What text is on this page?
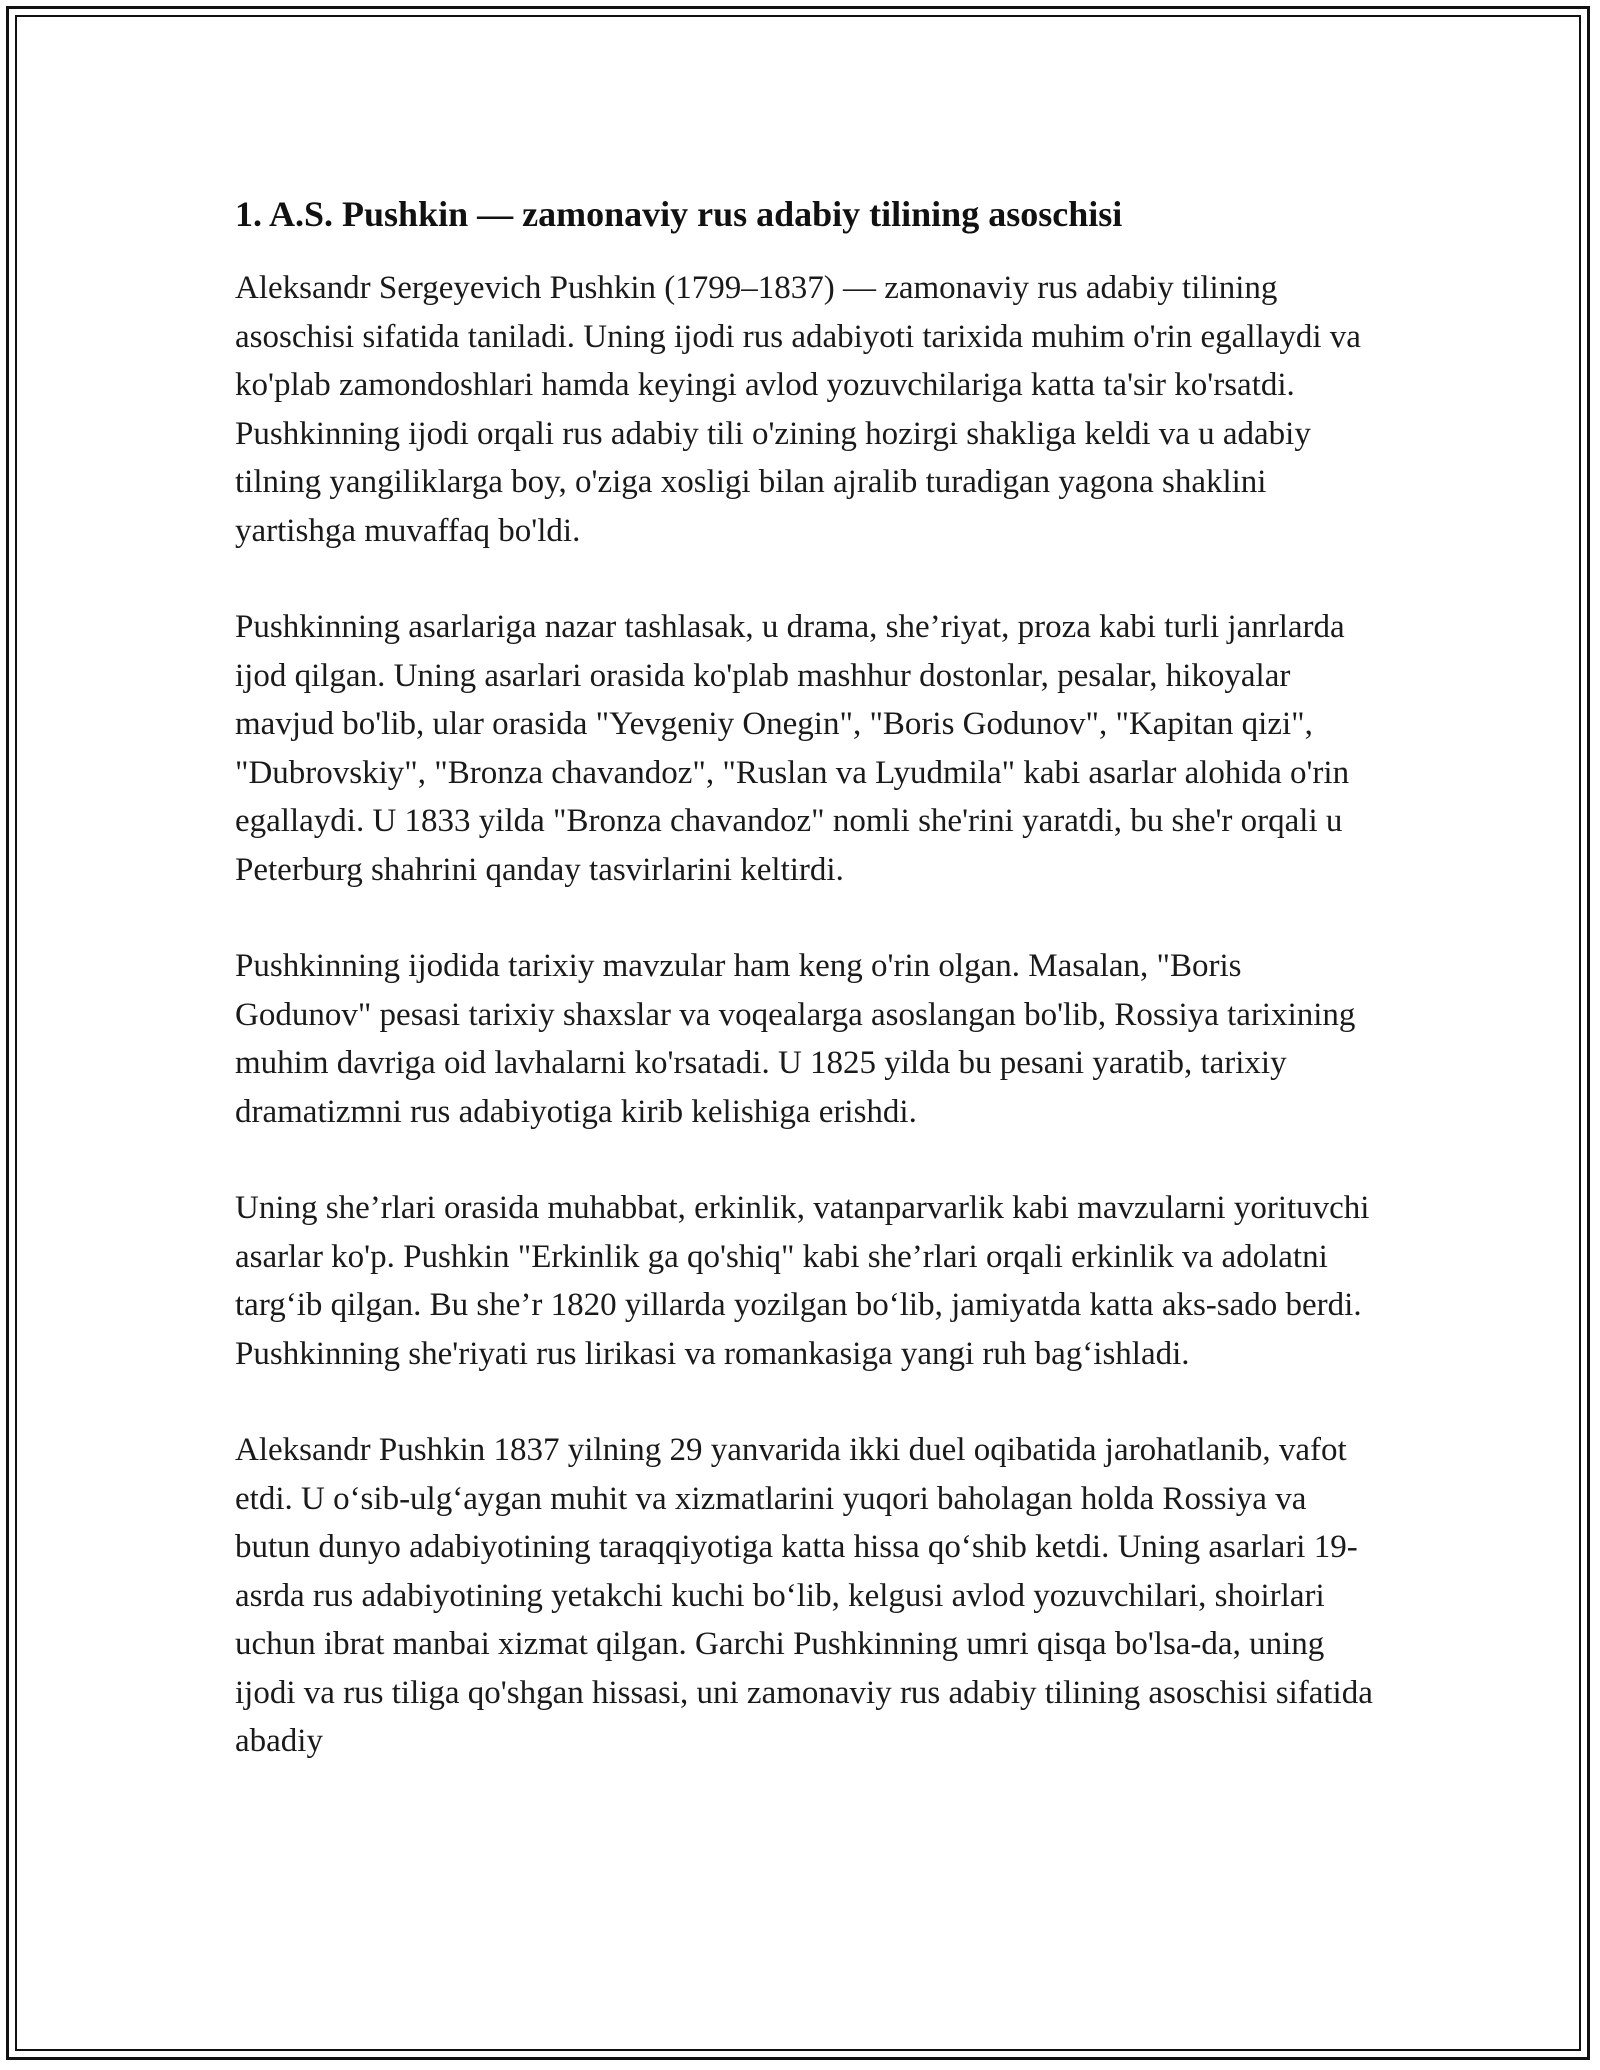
1. A.S. Pushkin — zamonaviy rus adabiy tilining asoschisi

Aleksandr Sergeyevich Pushkin (1799–1837) — zamonaviy rus adabiy tilining asoschisi sifatida taniladi. Uning ijodi rus adabiyoti tarixida muhim o'rin egallaydi va ko'plab zamondoshlari hamda keyingi avlod yozuvchilariga katta ta'sir ko'rsatdi. Pushkinning ijodi orqali rus adabiy tili o'zining hozirgi shakliga keldi va u adabiy tilning yangiliklarga boy, o'ziga xosligi bilan ajralib turadigan yagona shaklini yartishga muvaffaq bo'ldi.

Pushkinning asarlariga nazar tashlasak, u drama, she’riyat, proza kabi turli janrlarda ijod qilgan. Uning asarlari orasida ko'plab mashhur dostonlar, pesalar, hikoyalar mavjud bo'lib, ular orasida "Yevgeniy Onegin", "Boris Godunov", "Kapitan qizi", "Dubrovskiy", "Bronza chavandoz", "Ruslan va Lyudmila" kabi asarlar alohida o'rin egallaydi. U 1833 yilda "Bronza chavandoz" nomli she'rini yaratdi, bu she'r orqali u Peterburg shahrini qanday tasvirlarini keltirdi.

Pushkinning ijodida tarixiy mavzular ham keng o'rin olgan. Masalan, "Boris Godunov" pesasi tarixiy shaxslar va voqealarga asoslangan bo'lib, Rossiya tarixining muhim davriga oid lavhalarni ko'rsatadi. U 1825 yilda bu pesani yaratib, tarixiy dramatizmni rus adabiyotiga kirib kelishiga erishdi.

Uning she’rlari orasida muhabbat, erkinlik, vatanparvarlik kabi mavzularni yorituvchi asarlar ko'p. Pushkin "Erkinlik ga qo'shiq" kabi she’rlari orqali erkinlik va adolatni targ‘ib qilgan. Bu she’r 1820 yillarda yozilgan bo‘lib, jamiyatda katta aks-sado berdi. Pushkinning she'riyati rus lirikasi va romankasiga yangi ruh bag‘ishladi.

Aleksandr Pushkin 1837 yilning 29 yanvarida ikki duel oqibatida jarohatlanib, vafot etdi. U o‘sib-ulg‘aygan muhit va xizmatlarini yuqori baholagan holda Rossiya va butun dunyo adabiyotining taraqqiyotiga katta hissa qo‘shib ketdi. Uning asarlari 19-asrda rus adabiyotining yetakchi kuchi bo‘lib, kelgusi avlod yozuvchilari, shoirlari uchun ibrat manbai xizmat qilgan. Garchi Pushkinning umri qisqa bo'lsa-da, uning ijodi va rus tiliga qo'shgan hissasi, uni zamonaviy rus adabiy tilining asoschisi sifatida abadiy
